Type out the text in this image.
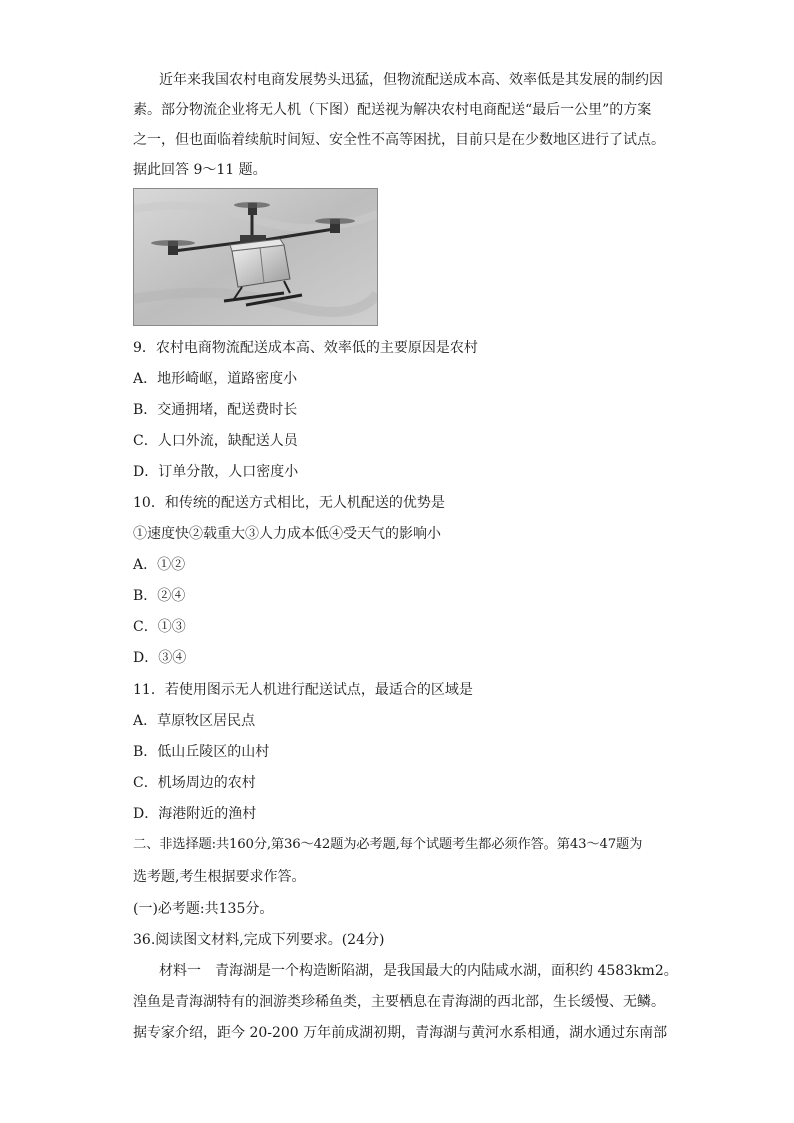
近年来我国农村电商发展势头迅猛，但物流配送成本高、效率低是其发展的制约因
素。部分物流企业将无人机（下图）配送视为解决农村电商配送“最后一公里”的方案
之一，但也面临着续航时间短、安全性不高等困扰，目前只是在少数地区进行了试点。
据此回答 9～11 题。
9．农村电商物流配送成本高、效率低的主要原因是农村
A．地形崎岖，道路密度小
B．交通拥堵，配送费时长
C．人口外流，缺配送人员
D．订单分散，人口密度小
10．和传统的配送方式相比，无人机配送的优势是
①速度快②载重大③人力成本低④受天气的影响小
A．①②
B．②④
C．①③
D．③④
11．若使用图示无人机进行配送试点，最适合的区域是
A．草原牧区居民点
B．低山丘陵区的山村
C．机场周边的农村
D．海港附近的渔村
二、非选择题:共160分,第36～42题为必考题,每个试题考生都必须作答。第43～47题为
选考题,考生根据要求作答。
(一)必考题:共135分。
36.阅读图文材料,完成下列要求。(24分)
材料一　青海湖是一个构造断陷湖，是我国最大的内陆咸水湖，面积约 4583km2。
湟鱼是青海湖特有的洄游类珍稀鱼类，主要栖息在青海湖的西北部，生长缓慢、无鳞。
据专家介绍，距今 20-200 万年前成湖初期，青海湖与黄河水系相通，湖水通过东南部
